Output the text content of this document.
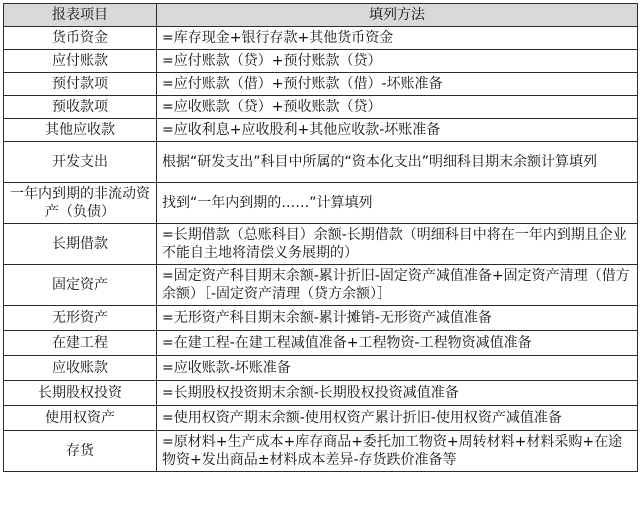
报表项目	填列方法
货币资金	=库存现金+银行存款+其他货币资金
应付账款	=应付账款（贷）+预付账款（贷）
预付款项	=应付账款（借）+预付账款（借）-坏账准备
预收款项	=应收账款（贷）+预收账款（贷）
其他应收款	=应收利息+应收股利+其他应收款-坏账准备
开发支出	根据“研发支出”科目中所属的“资本化支出”明细科目期末余额计算填列
一年内到期的非流动资产（负债）	找到“一年内到期的……”计算填列
长期借款	=长期借款（总账科目）余额-长期借款（明细科目中将在一年内到期且企业不能自主地将清偿义务展期的）
固定资产	=固定资产科目期末余额-累计折旧-固定资产减值准备+固定资产清理（借方余额）［-固定资产清理（贷方余额）］
无形资产	=无形资产科目期末余额-累计摊销-无形资产减值准备
在建工程	=在建工程-在建工程减值准备+工程物资-工程物资减值准备
应收账款	=应收账款-坏账准备
长期股权投资	=长期股权投资期末余额-长期股权投资减值准备
使用权资产	=使用权资产期末余额-使用权资产累计折旧-使用权资产减值准备
存货	=原材料+生产成本+库存商品+委托加工物资+周转材料+材料采购+在途物资+发出商品±材料成本差异-存货跌价准备等
